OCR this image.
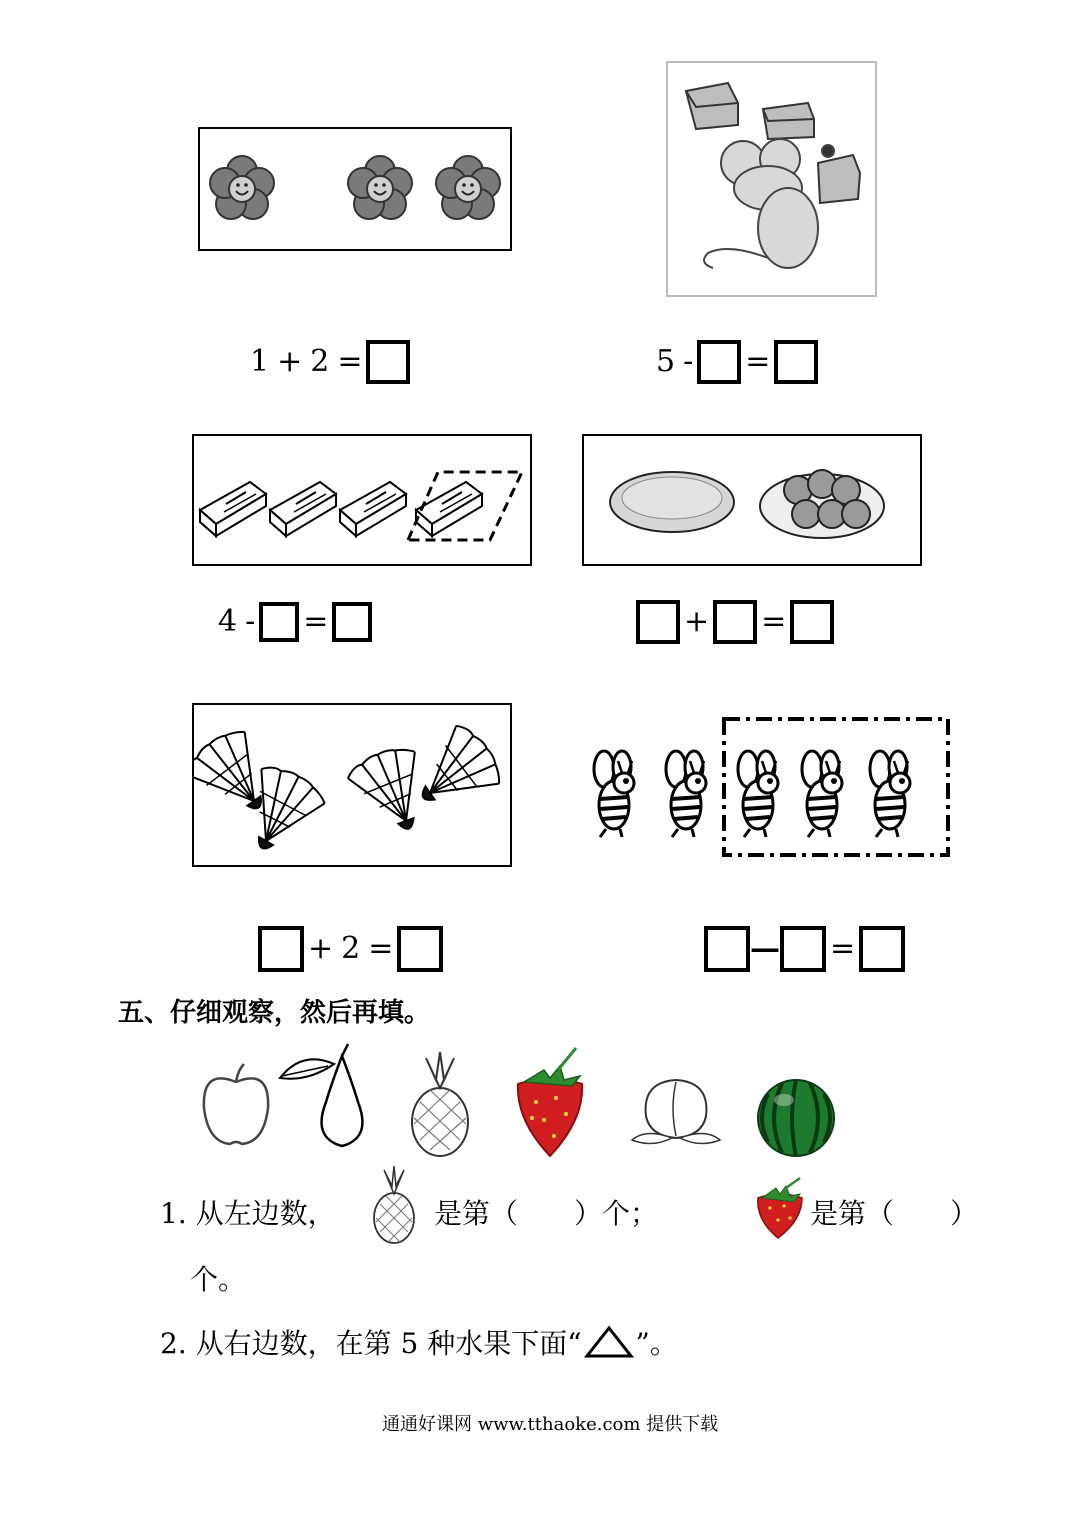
1 + 2 =	5 - =
4 - =	+ =
+ 2 =	— =
五、仔细观察，然后再填。
1. 从左边数，	是第（　　）个；	是第（　　）
个。
2. 从右边数，在第 5 种水果下面“ ”。
通通好课网 www.tthaoke.com 提供下载
